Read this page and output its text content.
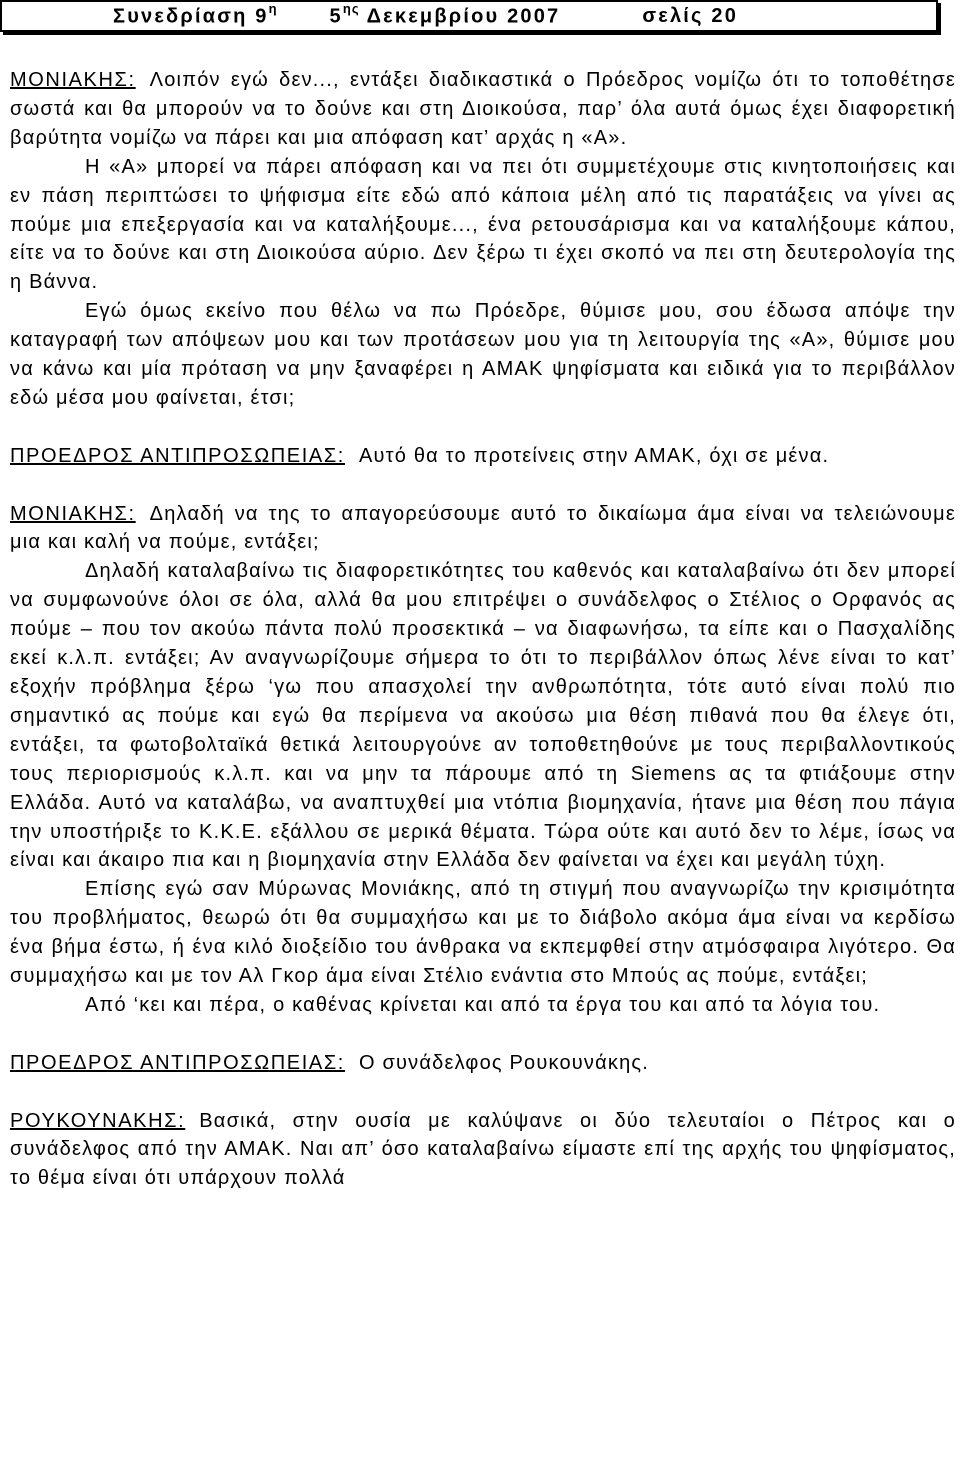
Συνεδρίαση $9^\eta$	$5^{\eta\varsigma}$ Δεκεμβρίου 2007	σελίς 20

ΜΟΝΙΑΚΗΣ: Λοιπόν εγώ δεν..., εντάξει διαδικαστικά ο Πρόεδρος νομίζω ότι το τοποθέτησε σωστά και θα μπορούν να το δούνε και στη Διοικούσα, παρ’ όλα αυτά όμως έχει διαφορετική βαρύτητα νομίζω να πάρει και μια απόφαση κατ’ αρχάς η «Α».

Η «Α» μπορεί να πάρει απόφαση και να πει ότι συμμετέχουμε στις κινητοποιήσεις και εν πάση περιπτώσει το ψήφισμα είτε εδώ από κάποια μέλη από τις παρατάξεις να γίνει ας πούμε μια επεξεργασία και να καταλήξουμε..., ένα ρετουσάρισμα και να καταλήξουμε κάπου, είτε να το δούνε και στη Διοικούσα αύριο. Δεν ξέρω τι έχει σκοπό να πει στη δευτερολογία της η Βάννα.

Εγώ όμως εκείνο που θέλω να πω Πρόεδρε, θύμισε μου, σου έδωσα απόψε την καταγραφή των απόψεων μου και των προτάσεων μου για τη λειτουργία της «Α», θύμισε μου να κάνω και μία πρόταση να μην ξαναφέρει η ΑΜΑΚ ψηφίσματα και ειδικά για το περιβάλλον εδώ μέσα μου φαίνεται, έτσι;

ΠΡΟΕΔΡΟΣ ΑΝΤΙΠΡΟΣΩΠΕΙΑΣ: Αυτό θα το προτείνεις στην ΑΜΑΚ, όχι σε μένα.

ΜΟΝΙΑΚΗΣ: Δηλαδή να της το απαγορεύσουμε αυτό το δικαίωμα άμα είναι να τελειώνουμε μια και καλή να πούμε, εντάξει;

Δηλαδή καταλαβαίνω τις διαφορετικότητες του καθενός και καταλαβαίνω ότι δεν μπορεί να συμφωνούνε όλοι σε όλα, αλλά θα μου επιτρέψει ο συνάδελφος ο Στέλιος ο Ορφανός ας πούμε – που τον ακούω πάντα πολύ προσεκτικά – να διαφωνήσω, τα είπε και ο Πασχαλίδης εκεί κ.λ.π. εντάξει; Αν αναγνωρίζουμε σήμερα το ότι το περιβάλλον όπως λένε είναι το κατ’ εξοχήν πρόβλημα ξέρω ‘γω που απασχολεί την ανθρωπότητα, τότε αυτό είναι πολύ πιο σημαντικό ας πούμε και εγώ θα περίμενα να ακούσω μια θέση πιθανά που θα έλεγε ότι, εντάξει, τα φωτοβολταϊκά θετικά λειτουργούνε αν τοποθετηθούνε με τους περιβαλλοντικούς τους περιορισμούς κ.λ.π. και να μην τα πάρουμε από τη Siemens ας τα φτιάξουμε στην Ελλάδα. Αυτό να καταλάβω, να αναπτυχθεί μια ντόπια βιομηχανία, ήτανε μια θέση που πάγια την υποστήριξε το Κ.Κ.Ε. εξάλλου σε μερικά θέματα. Τώρα ούτε και αυτό δεν το λέμε, ίσως να είναι και άκαιρο πια και η βιομηχανία στην Ελλάδα δεν φαίνεται να έχει και μεγάλη τύχη.

Επίσης εγώ σαν Μύρωνας Μονιάκης, από τη στιγμή που αναγνωρίζω την κρισιμότητα του προβλήματος, θεωρώ ότι θα συμμαχήσω και με το διάβολο ακόμα άμα είναι να κερδίσω ένα βήμα έστω, ή ένα κιλό διοξείδιο του άνθρακα να εκπεμφθεί στην ατμόσφαιρα λιγότερο. Θα συμμαχήσω και με τον Αλ Γκορ άμα είναι Στέλιο ενάντια στο Μπούς ας πούμε, εντάξει;

Από ‘κει και πέρα, ο καθένας κρίνεται και από τα έργα του και από τα λόγια του.

ΠΡΟΕΔΡΟΣ ΑΝΤΙΠΡΟΣΩΠΕΙΑΣ: Ο συνάδελφος Ρουκουνάκης.

ΡΟΥΚΟΥΝΑΚΗΣ: Βασικά, στην ουσία με καλύψανε οι δύο τελευταίοι ο Πέτρος και ο συνάδελφος από την ΑΜΑΚ. Ναι απ’ όσο καταλαβαίνω είμαστε επί της αρχής του ψηφίσματος, το θέμα είναι ότι υπάρχουν πολλά
